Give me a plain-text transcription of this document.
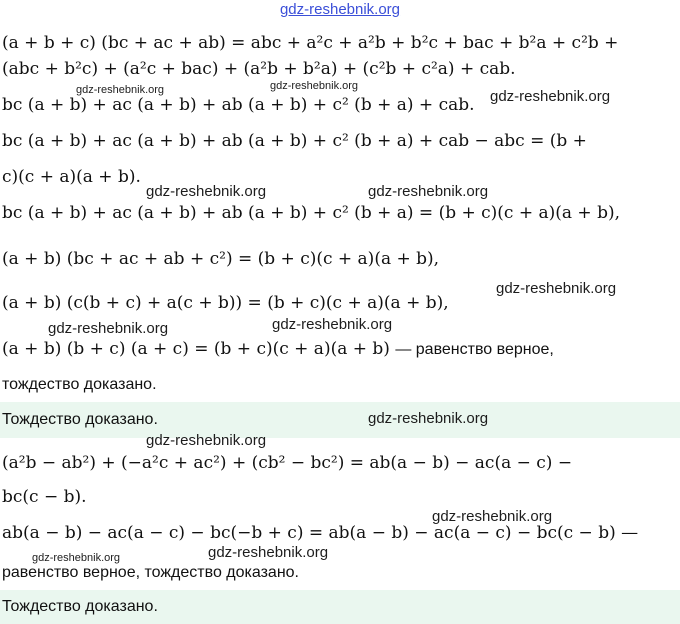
gdz-reshebnik.org
(a + b + c) (bc + ac + ab) = abc + a²c + a²b + b²c + bac + b²a + c²b +
(abc + b²c) + (a²c + bac) + (a²b + b²a) + (c²b + c²a) + cab.
bc (a + b) + ac (a + b) + ab (a + b) + c² (b + a) + cab.
bc (a + b) + ac (a + b) + ab (a + b) + c² (b + a) + cab − abc = (b +
c)(c + a)(a + b).
bc (a + b) + ac (a + b) + ab (a + b) + c² (b + a) = (b + c)(c + a)(a + b),
(a + b) (bc + ac + ab + c²) = (b + c)(c + a)(a + b),
(a + b) (c(b + c) + a(c + b)) = (b + c)(c + a)(a + b),
(a + b) (b + c) (a + c) = (b + c)(c + a)(a + b) — равенство верное,
тождество доказано.
Тождество доказано.
(a²b − ab²) + (−a²c + ac²) + (cb² − bc²) = ab(a − b) − ac(a − c) −
bc(c − b).
ab(a − b) − ac(a − c) − bc(−b + c) = ab(a − b) − ac(a − c) − bc(c − b) —
равенство верное, тождество доказано.
Тождество доказано.
gdz-reshebnik.org	gdz-reshebnik.org
gdz-reshebnik.org
gdz-reshebnik.org	gdz-reshebnik.org
gdz-reshebnik.org
gdz-reshebnik.org	gdz-reshebnik.org
gdz-reshebnik.org
gdz-reshebnik.org
gdz-reshebnik.org
gdz-reshebnik.org	gdz-reshebnik.org
